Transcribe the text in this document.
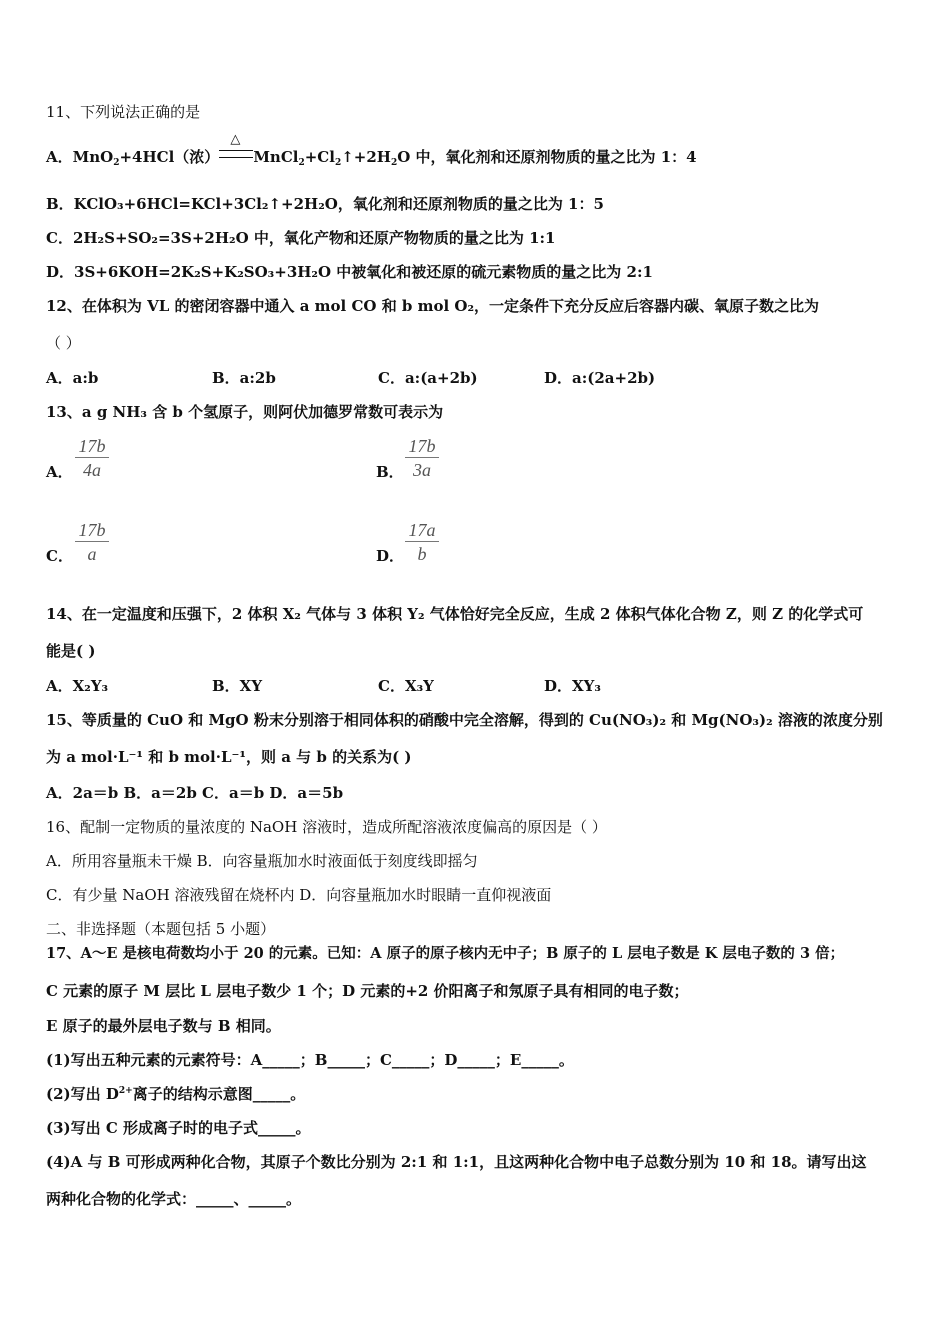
11、下列说法正确的是
A．MnO$_2$+4HCl（浓）
△
$MnCl_2+Cl_2↑+2H_2O$ 中，氧化剂和还原剂物质的量之比为 1：4
B．KClO₃+6HCl=KCl+3Cl₂↑+2H₂O，氧化剂和还原剂物质的量之比为 1：5
C．2H₂S+SO₂=3S+2H₂O 中，氧化产物和还原产物物质的量之比为 1:1
D．3S+6KOH=2K₂S+K₂SO₃+3H₂O 中被氧化和被还原的硫元素物质的量之比为 2:1
12、在体积为 VL 的密闭容器中通入 a mol CO 和 b mol O₂，一定条件下充分反应后容器内碳、氧原子数之比为
（ ）
A．a:b	B．a:2b	C．a:(a+2b)	D．a:(2a+2b)
13、a g NH₃ 含 b 个氢原子，则阿伏加德罗常数可表示为
A． $\frac{17b}{4a}$	B． $\frac{17b}{3a}$
C． $\frac{17b}{a}$	D． $\frac{17a}{b}$
14、在一定温度和压强下，2 体积 X₂ 气体与 3 体积 Y₂ 气体恰好完全反应，生成 2 体积气体化合物 Z，则 Z 的化学式可
能是( )
A．X₂Y₃	B．XY	C．X₃Y	D．XY₃
15、等质量的 CuO 和 MgO 粉末分别溶于相同体积的硝酸中完全溶解，得到的 Cu(NO₃)₂ 和 Mg(NO₃)₂ 溶液的浓度分别
为 a mol·L⁻¹ 和 b mol·L⁻¹，则 a 与 b 的关系为( )
A．2a＝b B．a＝2b C．a＝b D．a＝5b
16、配制一定物质的量浓度的 NaOH 溶液时，造成所配溶液浓度偏高的原因是（ ）
A．所用容量瓶未干燥 B．向容量瓶加水时液面低于刻度线即摇匀
C．有少量 NaOH 溶液残留在烧杯内 D．向容量瓶加水时眼睛一直仰视液面
二、非选择题（本题包括 5 小题）
17、A～E 是核电荷数均小于 20 的元素。已知：A 原子的原子核内无中子；B 原子的 L 层电子数是 K 层电子数的 3 倍；
C 元素的原子 M 层比 L 层电子数少 1 个；D 元素的+2 价阳离子和氖原子具有相同的电子数；
E 原子的最外层电子数与 B 相同。
(1)写出五种元素的元素符号：A_____；B_____；C_____；D_____；E_____。
(2)写出 $D^{2+}$离子的结构示意图_____。
(3)写出 C 形成离子时的电子式_____。
(4)A 与 B 可形成两种化合物，其原子个数比分别为 2:1 和 1:1，且这两种化合物中电子总数分别为 10 和 18。请写出这
两种化合物的化学式：_____、_____。
